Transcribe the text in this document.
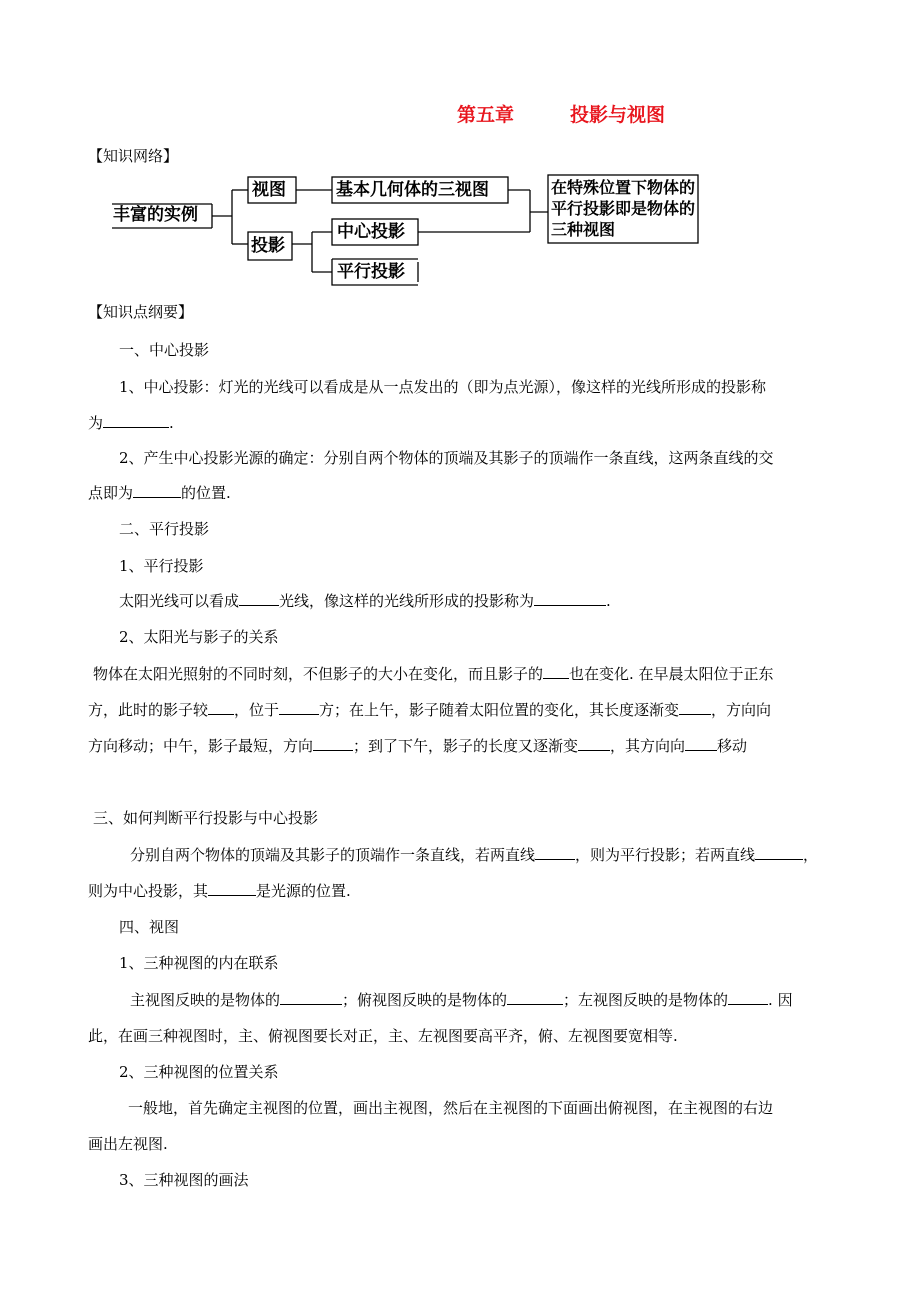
第五章	投影与视图
【知识网络】
丰富的实例
视图	基本几何体的三视图
投影
中心投影
平行投影
在特殊位置下物体的平行投影即是物体的三种视图
【知识点纲要】
一、中心投影
1、中心投影：灯光的光线可以看成是从一点发出的（即为点光源），像这样的光线所形成的投影称
为	.
2、产生中心投影光源的确定：分别自两个物体的顶端及其影子的顶端作一条直线，这两条直线的交
点即为	的位置.
二、平行投影
1、平行投影
太阳光线可以看成	光线，像这样的光线所形成的投影称为	.
2、太阳光与影子的关系
物体在太阳光照射的不同时刻，不但影子的大小在变化，而且影子的 也在变化. 在早晨太阳位于正东
方，此时的影子较 ，位于	方；在上午，影子随着太阳位置的变化，其长度逐渐变 ，方向向
方向移动；中午，影子最短，方向	；到了下午，影子的长度又逐渐变 ，其方向向 移动
三、如何判断平行投影与中心投影
分别自两个物体的顶端及其影子的顶端作一条直线，若两直线	，则为平行投影；若两直线	，
则为中心投影，其	是光源的位置.
四、视图
1、三种视图的内在联系
主视图反映的是物体的	；俯视图反映的是物体的	；左视图反映的是物体的	. 因
此，在画三种视图时，主、俯视图要长对正，主、左视图要高平齐，俯、左视图要宽相等.
2、三种视图的位置关系
一般地，首先确定主视图的位置，画出主视图，然后在主视图的下面画出俯视图，在主视图的右边
画出左视图.
3、三种视图的画法
